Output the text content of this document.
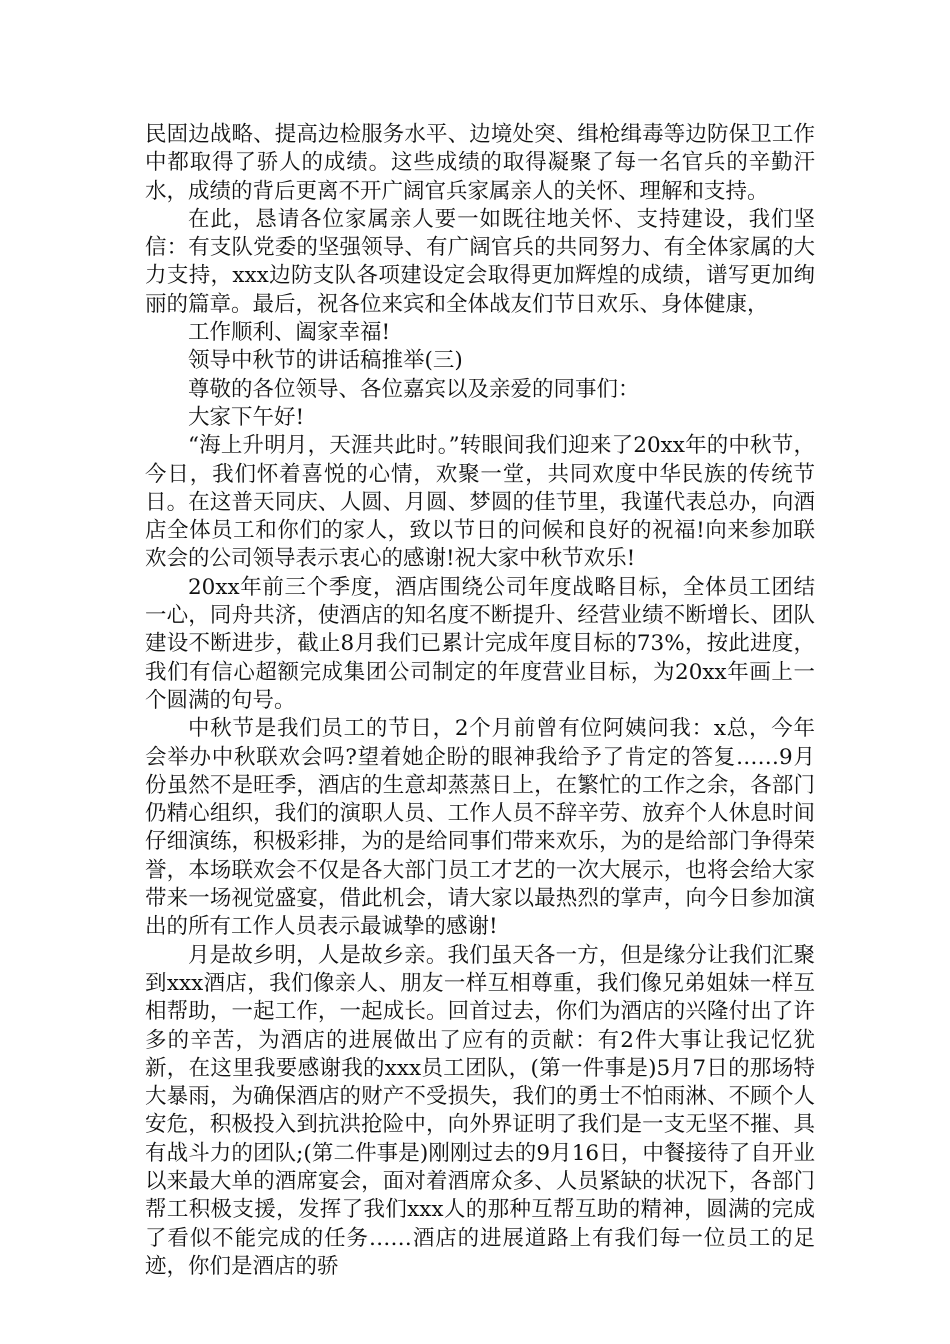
民固边战略、提高边检服务水平、边境处突、缉枪缉毒等边防保卫工作中都取得了骄人的成绩。这些成绩的取得凝聚了每一名官兵的辛勤汗水，成绩的背后更离不开广阔官兵家属亲人的关怀、理解和支持。

在此，恳请各位家属亲人要一如既往地关怀、支持建设，我们坚信：有支队党委的坚强领导、有广阔官兵的共同努力、有全体家属的大力支持，xxx边防支队各项建设定会取得更加辉煌的成绩，谱写更加绚丽的篇章。最后，祝各位来宾和全体战友们节日欢乐、身体健康，

工作顺利、阖家幸福!

领导中秋节的讲话稿推举(三)

尊敬的各位领导、各位嘉宾以及亲爱的同事们：

大家下午好!

“海上升明月，天涯共此时。”转眼间我们迎来了20xx年的中秋节， 今日，我们怀着喜悦的心情，欢聚一堂，共同欢度中华民族的传统节日。在这普天同庆、人圆、月圆、梦圆的佳节里，我谨代表总办，向酒店全体员工和你们的家人，致以节日的问候和良好的祝福!向来参加联欢会的公司领导表示衷心的感谢!祝大家中秋节欢乐!

20xx年前三个季度，酒店围绕公司年度战略目标，全体员工团结一心，同舟共济，使酒店的知名度不断提升、经营业绩不断增长、团队建设不断进步，截止8月我们已累计完成年度目标的73%，按此进度，我们有信心超额完成集团公司制定的年度营业目标，为20xx年画上一个圆满的句号。

中秋节是我们员工的节日，2个月前曾有位阿姨问我：x总，今年会举办中秋联欢会吗?望着她企盼的眼神我给予了肯定的答复……9月份虽然不是旺季，酒店的生意却蒸蒸日上，在繁忙的工作之余，各部门仍精心组织，我们的演职人员、工作人员不辞辛劳、放弃个人休息时间仔细演练，积极彩排，为的是给同事们带来欢乐，为的是给部门争得荣誉，本场联欢会不仅是各大部门员工才艺的一次大展示，也将会给大家带来一场视觉盛宴，借此机会，请大家以最热烈的掌声，向今日参加演出的所有工作人员表示最诚挚的感谢!

月是故乡明，人是故乡亲。我们虽天各一方，但是缘分让我们汇聚到xxx酒店，我们像亲人、朋友一样互相尊重，我们像兄弟姐妹一样互相帮助，一起工作，一起成长。回首过去，你们为酒店的兴隆付出了许多的辛苦，为酒店的进展做出了应有的贡献：有2件大事让我记忆犹新，在这里我要感谢我的xxx员工团队，(第一件事是)5月7日的那场特大暴雨，为确保酒店的财产不受损失，我们的勇士不怕雨淋、不顾个人安危，积极投入到抗洪抢险中，向外界证明了我们是一支无坚不摧、具有战斗力的团队;(第二件事是)刚刚过去的9月16日，中餐接待了自开业以来最大单的酒席宴会，面对着酒席众多、人员紧缺的状况下，各部门帮工积极支援，发挥了我们xxx人的那种互帮互助的精神，圆满的完成了看似不能完成的任务……酒店的进展道路上有我们每一位员工的足迹，你们是酒店的骄
